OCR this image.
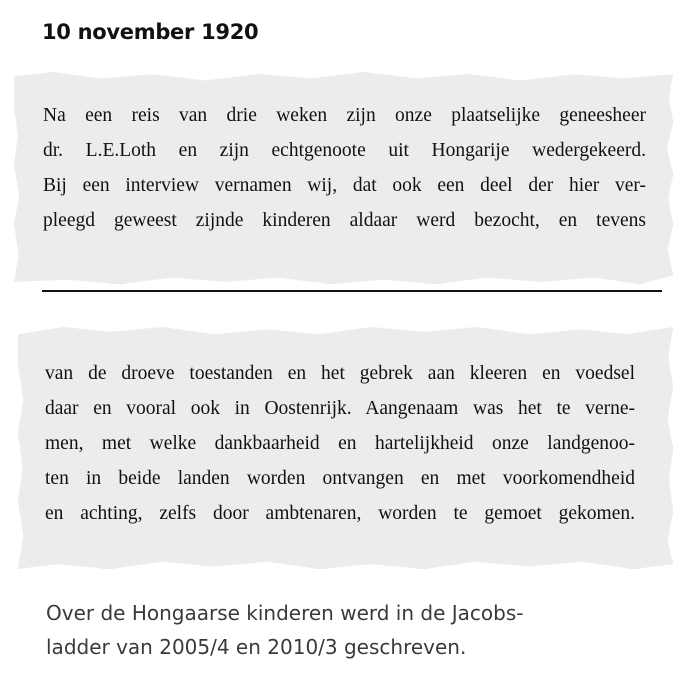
10 november 1920
Na een reis van drie weken zijn onze plaatselijke geneesheer
dr. L.E.Loth en zijn echtgenoote uit Hongarije wedergekeerd.
Bij een interview vernamen wij, dat ook een deel der hier ver-
pleegd geweest zijnde kinderen aldaar werd bezocht, en tevens
van de droeve toestanden en het gebrek aan kleeren en voedsel
daar en vooral ook in Oostenrijk. Aangenaam was het te verne-
men, met welke dankbaarheid en hartelijkheid onze landgenoo-
ten in beide landen worden ontvangen en met voorkomendheid
en achting, zelfs door ambtenaren, worden te gemoet gekomen.
Over de Hongaarse kinderen werd in de Jacobs-
ladder van 2005/4 en 2010/3 geschreven.
